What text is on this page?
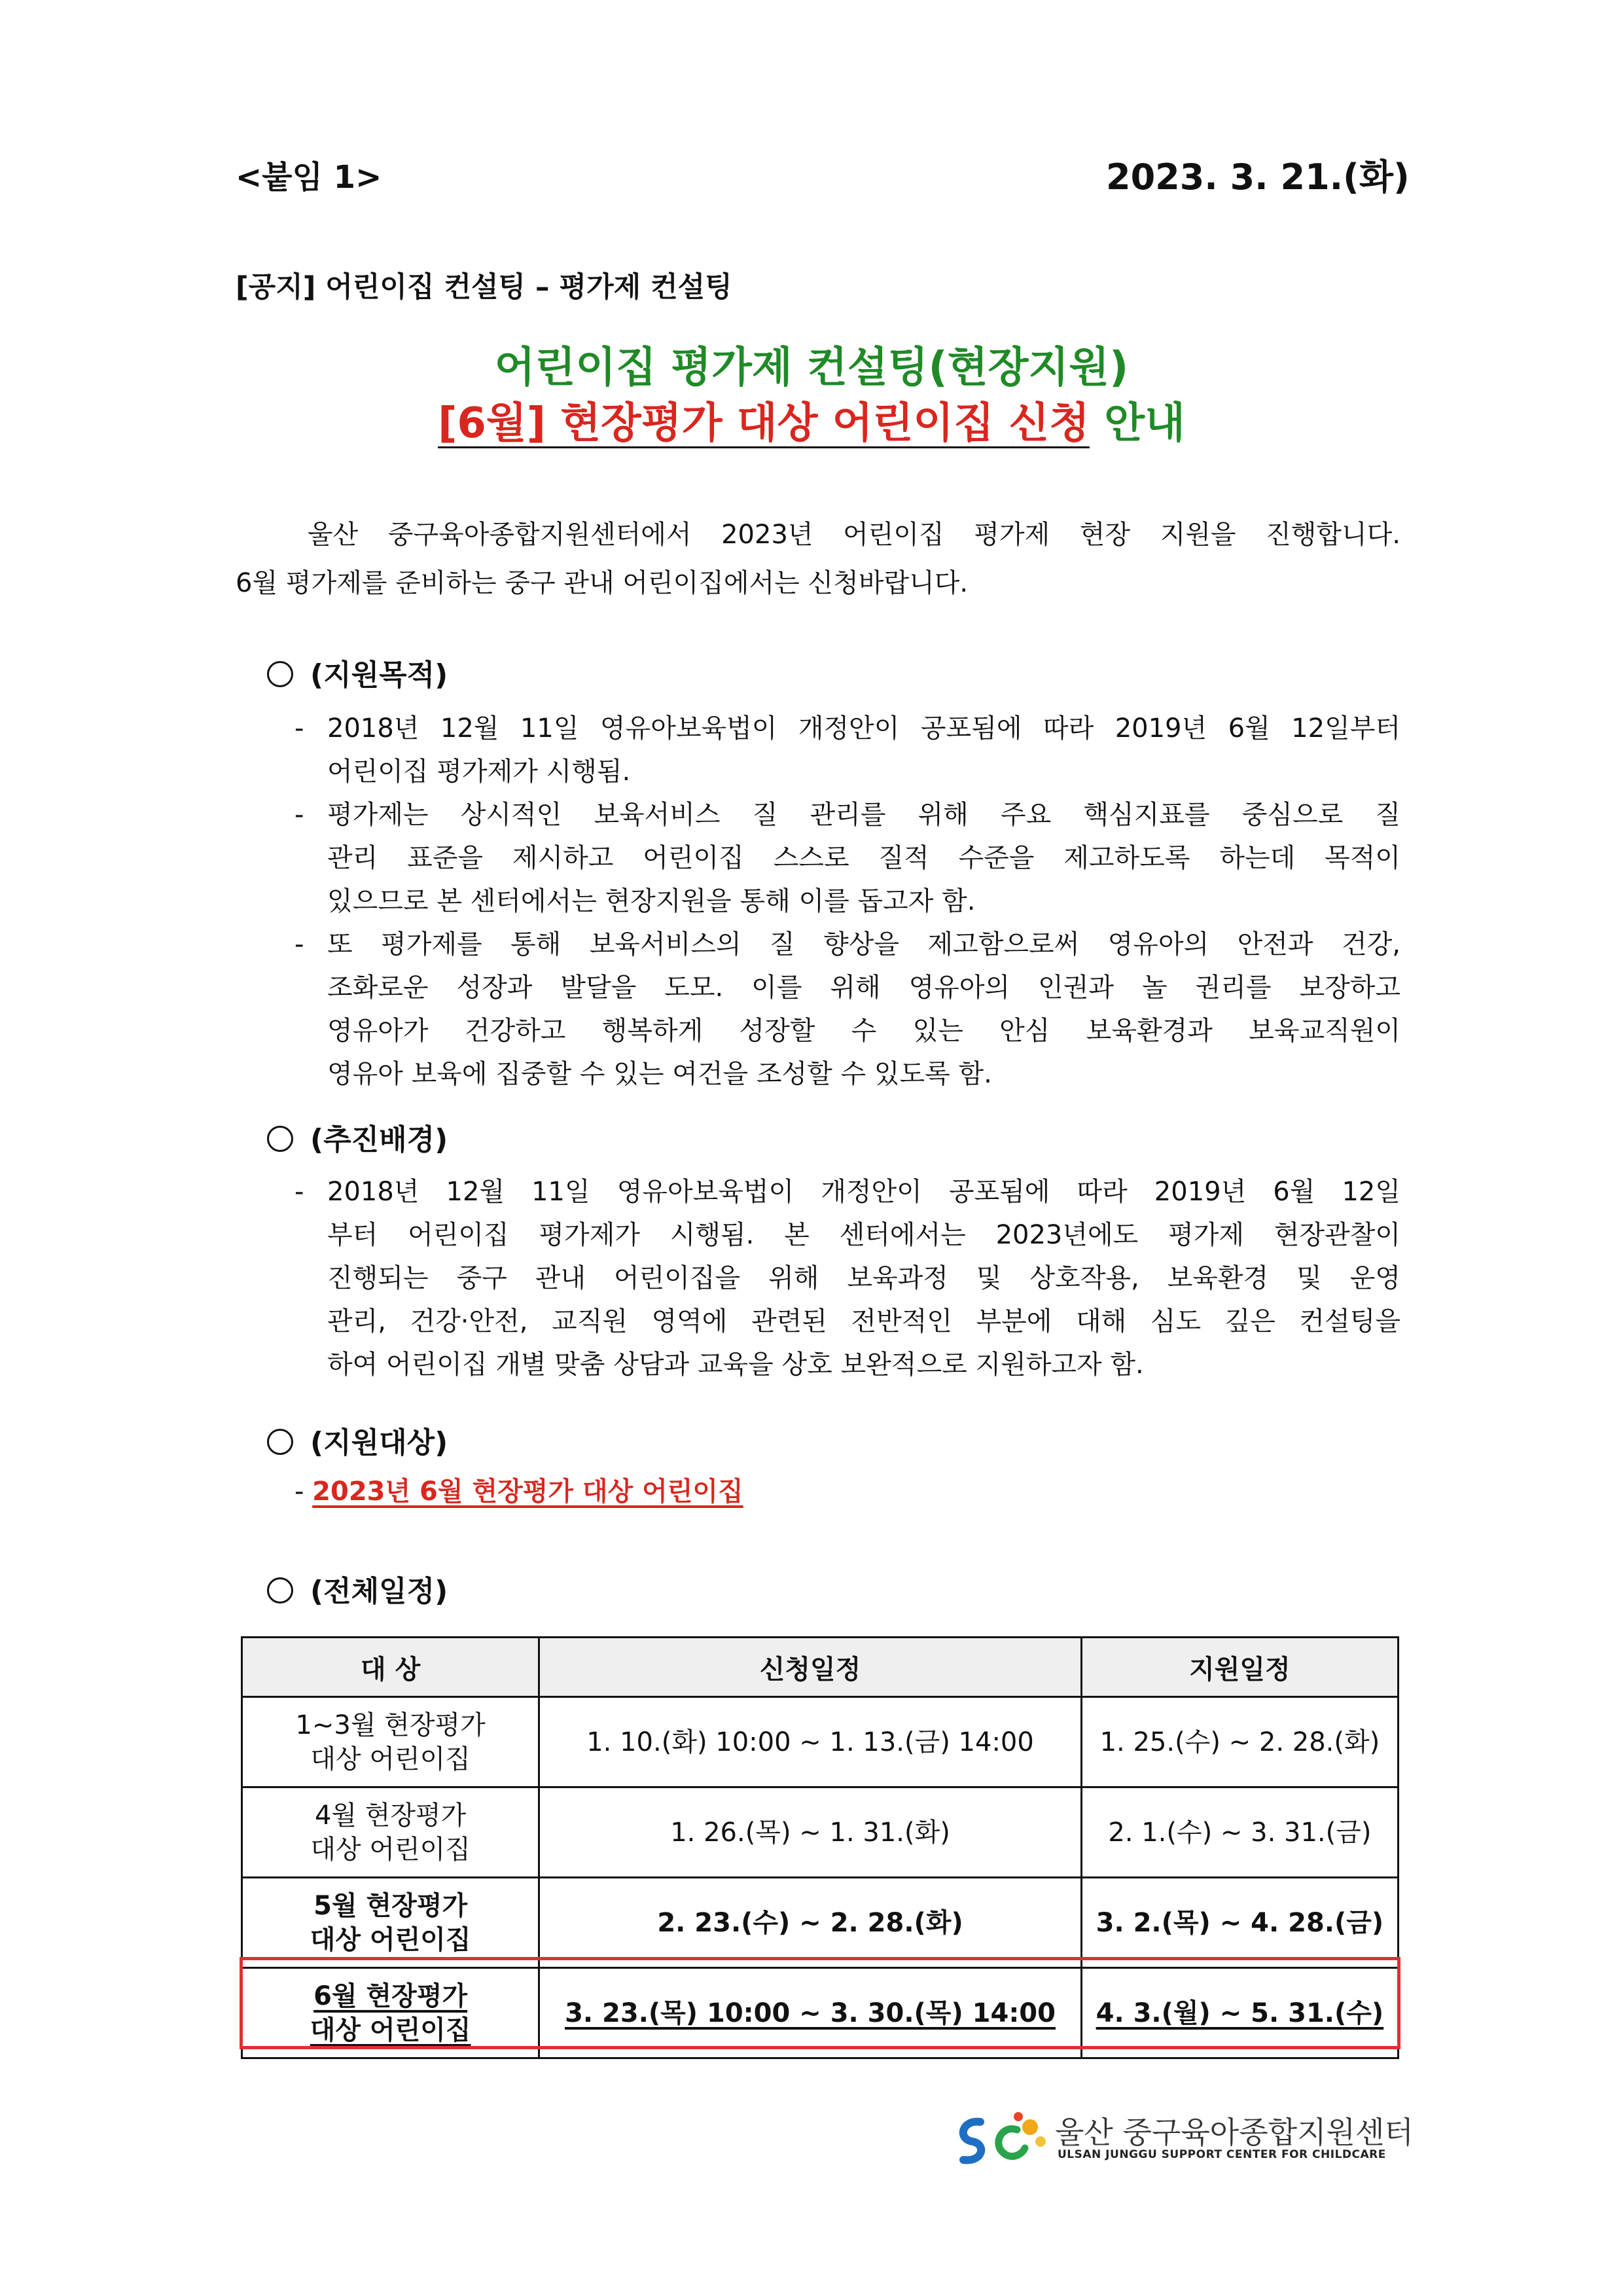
<붙임 1>	2023. 3. 21.(화)
[공지] 어린이집 컨설팅 – 평가제 컨설팅
어린이집 평가제 컨설팅(현장지원)
[6월] 현장평가 대상 어린이집 신청 안내
울산 중구육아종합지원센터에서 2023년 어린이집 평가제 현장 지원을 진행합니다.
6월 평가제를 준비하는 중구 관내 어린이집에서는 신청바랍니다.
(지원목적)
- 2018년 12월 11일 영유아보육법이 개정안이 공포됨에 따라 2019년 6월 12일부터
어린이집 평가제가 시행됨.
- 평가제는 상시적인 보육서비스 질 관리를 위해 주요 핵심지표를 중심으로 질
관리 표준을 제시하고 어린이집 스스로 질적 수준을 제고하도록 하는데 목적이
있으므로 본 센터에서는 현장지원을 통해 이를 돕고자 함.
- 또 평가제를 통해 보육서비스의 질 향상을 제고함으로써 영유아의 안전과 건강,
조화로운 성장과 발달을 도모. 이를 위해 영유아의 인권과 놀 권리를 보장하고
영유아가 건강하고 행복하게 성장할 수 있는 안심 보육환경과 보육교직원이
영유아 보육에 집중할 수 있는 여건을 조성할 수 있도록 함.
(추진배경)
- 2018년 12월 11일 영유아보육법이 개정안이 공포됨에 따라 2019년 6월 12일
부터 어린이집 평가제가 시행됨. 본 센터에서는 2023년에도 평가제 현장관찰이
진행되는 중구 관내 어린이집을 위해 보육과정 및 상호작용, 보육환경 및 운영
관리, 건강·안전, 교직원 영역에 관련된 전반적인 부분에 대해 심도 깊은 컨설팅을
하여 어린이집 개별 맞춤 상담과 교육을 상호 보완적으로 지원하고자 함.
(지원대상)
- 2023년 6월 현장평가 대상 어린이집
(전체일정)
대 상	신청일정	지원일정

1~3월 현장평가
대상 어린이집	1. 10.(화) 10:00 ~ 1. 13.(금) 14:00	1. 25.(수) ~ 2. 28.(화)

4월 현장평가
대상 어린이집	1. 26.(목) ~ 1. 31.(화)	2. 1.(수) ~ 3. 31.(금)

5월 현장평가
대상 어린이집	2. 23.(수) ~ 2. 28.(화)	3. 2.(목) ~ 4. 28.(금)

6월 현장평가
대상 어린이집	3. 23.(목) 10:00 ~ 3. 30.(목) 14:00	4. 3.(월) ~ 5. 31.(수)
울산 중구육아종합지원센터
ULSAN JUNGGU SUPPORT CENTER FOR CHILDCARE
